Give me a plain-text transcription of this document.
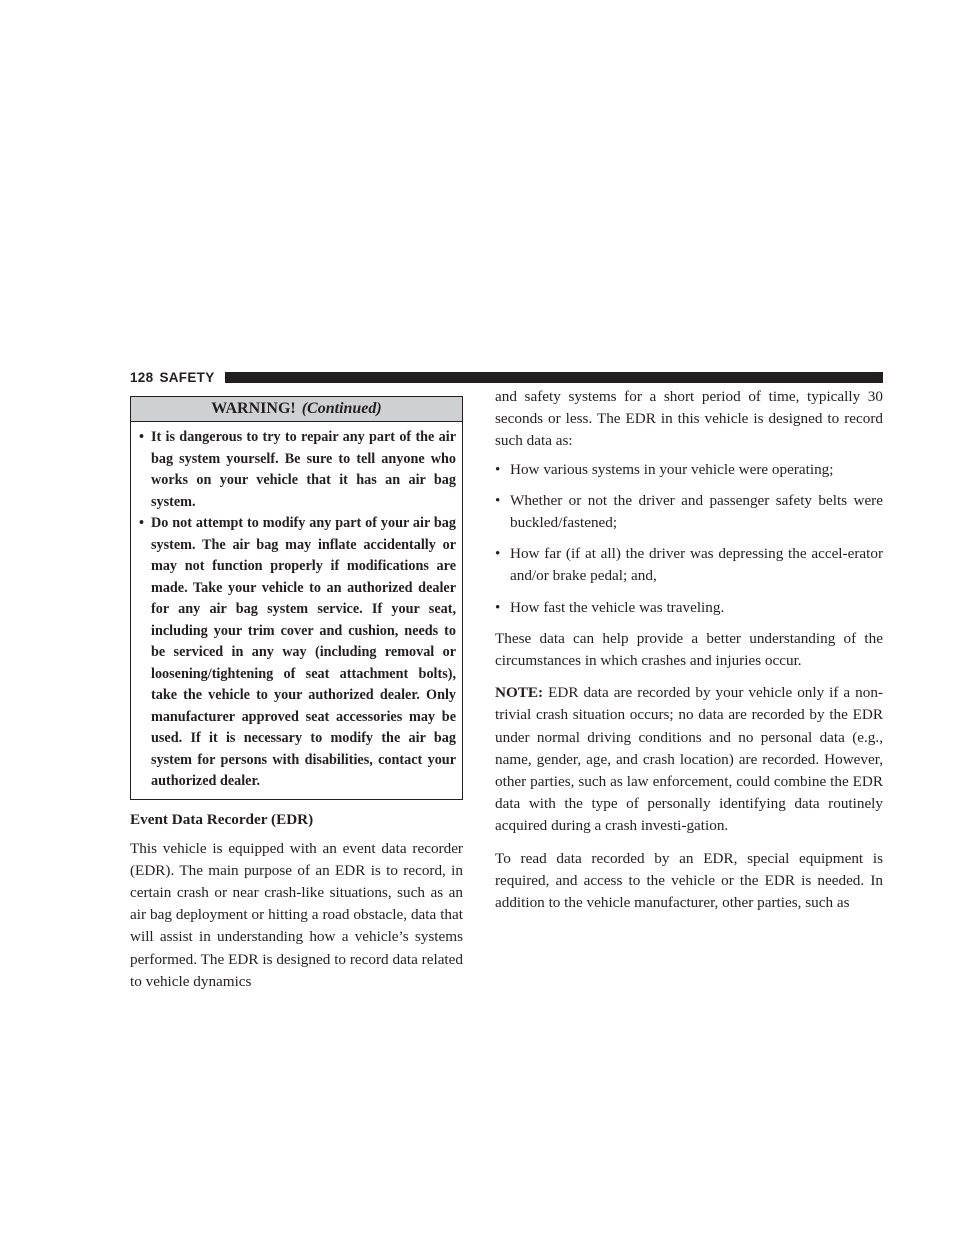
128 SAFETY
WARNING! (Continued)
• It is dangerous to try to repair any part of the air bag system yourself. Be sure to tell anyone who works on your vehicle that it has an air bag system.
• Do not attempt to modify any part of your air bag system. The air bag may inflate accidentally or may not function properly if modifications are made. Take your vehicle to an authorized dealer for any air bag system service. If your seat, including your trim cover and cushion, needs to be serviced in any way (including removal or loosening/tightening of seat attachment bolts), take the vehicle to your authorized dealer. Only manufacturer approved seat accessories may be used. If it is necessary to modify the air bag system for persons with disabilities, contact your authorized dealer.
Event Data Recorder (EDR)

This vehicle is equipped with an event data recorder (EDR). The main purpose of an EDR is to record, in certain crash or near crash-like situations, such as an air bag deployment or hitting a road obstacle, data that will assist in understanding how a vehicle’s systems performed. The EDR is designed to record data related to vehicle dynamics

and safety systems for a short period of time, typically 30 seconds or less. The EDR in this vehicle is designed to record such data as:

• How various systems in your vehicle were operating;
• Whether or not the driver and passenger safety belts were buckled/fastened;
• How far (if at all) the driver was depressing the accel-erator and/or brake pedal; and,
• How fast the vehicle was traveling.

These data can help provide a better understanding of the circumstances in which crashes and injuries occur.

NOTE: EDR data are recorded by your vehicle only if a non-trivial crash situation occurs; no data are recorded by the EDR under normal driving conditions and no personal data (e.g., name, gender, age, and crash location) are recorded. However, other parties, such as law enforcement, could combine the EDR data with the type of personally identifying data routinely acquired during a crash investi-gation.

To read data recorded by an EDR, special equipment is required, and access to the vehicle or the EDR is needed. In addition to the vehicle manufacturer, other parties, such as
